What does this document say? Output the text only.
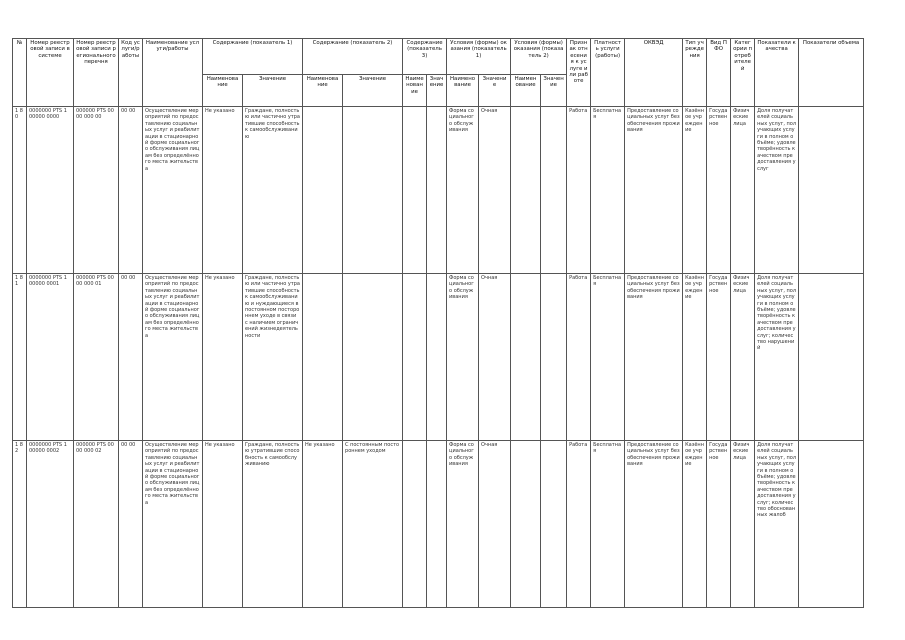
№	Номер реестровой записи в системе	Номер реестровой записи регионального перечня	Код услуги/работы	Наименование услуги/работы	Содержание (показатель 1)		Содержание (показатель 2)		Содержание (показатель 3)		Условия (формы) оказания (показатель 1)		Условия (формы) оказания (показатель 2)		Признак отнесения к услуге или работе	Платность услуги (работы)	ОКВЭД	Тип учреждения	Вид ПФО	Категории потребителей	Показатели качества	Показатели объема
					Наименование	Значение	Наименование	Значение	Наименование	Значение	Наименование	Значение	Наименование	Значение								
1 8 0	0000000 PTS 1 00000 0000	000000 PTS 0000 000 00	00 00	Осуществление мероприятий по предоставлению социальных услуг и реабилитации в стационарной форме социального обслуживания лицам без определённого места жительства	Не указано	Граждане, полностью или частично утратившие способность к самообслуживанию					Форма социального обслуживания	Очная			Работа	Бесплатная	Предоставление социальных услуг без обеспечения проживания	Казённое учреждение	Государственное	Физические лица	Доля получателей социальных услуг, получающих услуги в полном объёме; удовлетворённость качеством предоставления услуг	
1 8 1	0000000 PTS 1 00000 0001	000000 PTS 0000 000 01	00 00	Осуществление мероприятий по предоставлению социальных услуг и реабилитации в стационарной форме социального обслуживания лицам без определённого места жительства	Не указано	Граждане, полностью или частично утратившие способность к самообслуживанию и нуждающиеся в постоянном постороннем уходе в связи с наличием ограничений жизнедеятельности					Форма социального обслуживания	Очная			Работа	Бесплатная	Предоставление социальных услуг без обеспечения проживания	Казённое учреждение	Государственное	Физические лица	Доля получателей социальных услуг, получающих услуги в полном объёме; удовлетворённость качеством предоставления услуг; количество нарушений	
1 8 2	0000000 PTS 1 00000 0002	000000 PTS 0000 000 02	00 00	Осуществление мероприятий по предоставлению социальных услуг и реабилитации в стационарной форме социального обслуживания лицам без определённого места жительства	Не указано	Граждане, полностью утратившие способность к самообслуживанию	Не указано	С постоянным постороннем уходом			Форма социального обслуживания	Очная			Работа	Бесплатная	Предоставление социальных услуг без обеспечения проживания	Казённое учреждение	Государственное	Физические лица	Доля получателей социальных услуг, получающих услуги в полном объёме; удовлетворённость качеством предоставления услуг; количество обоснованных жалоб	
